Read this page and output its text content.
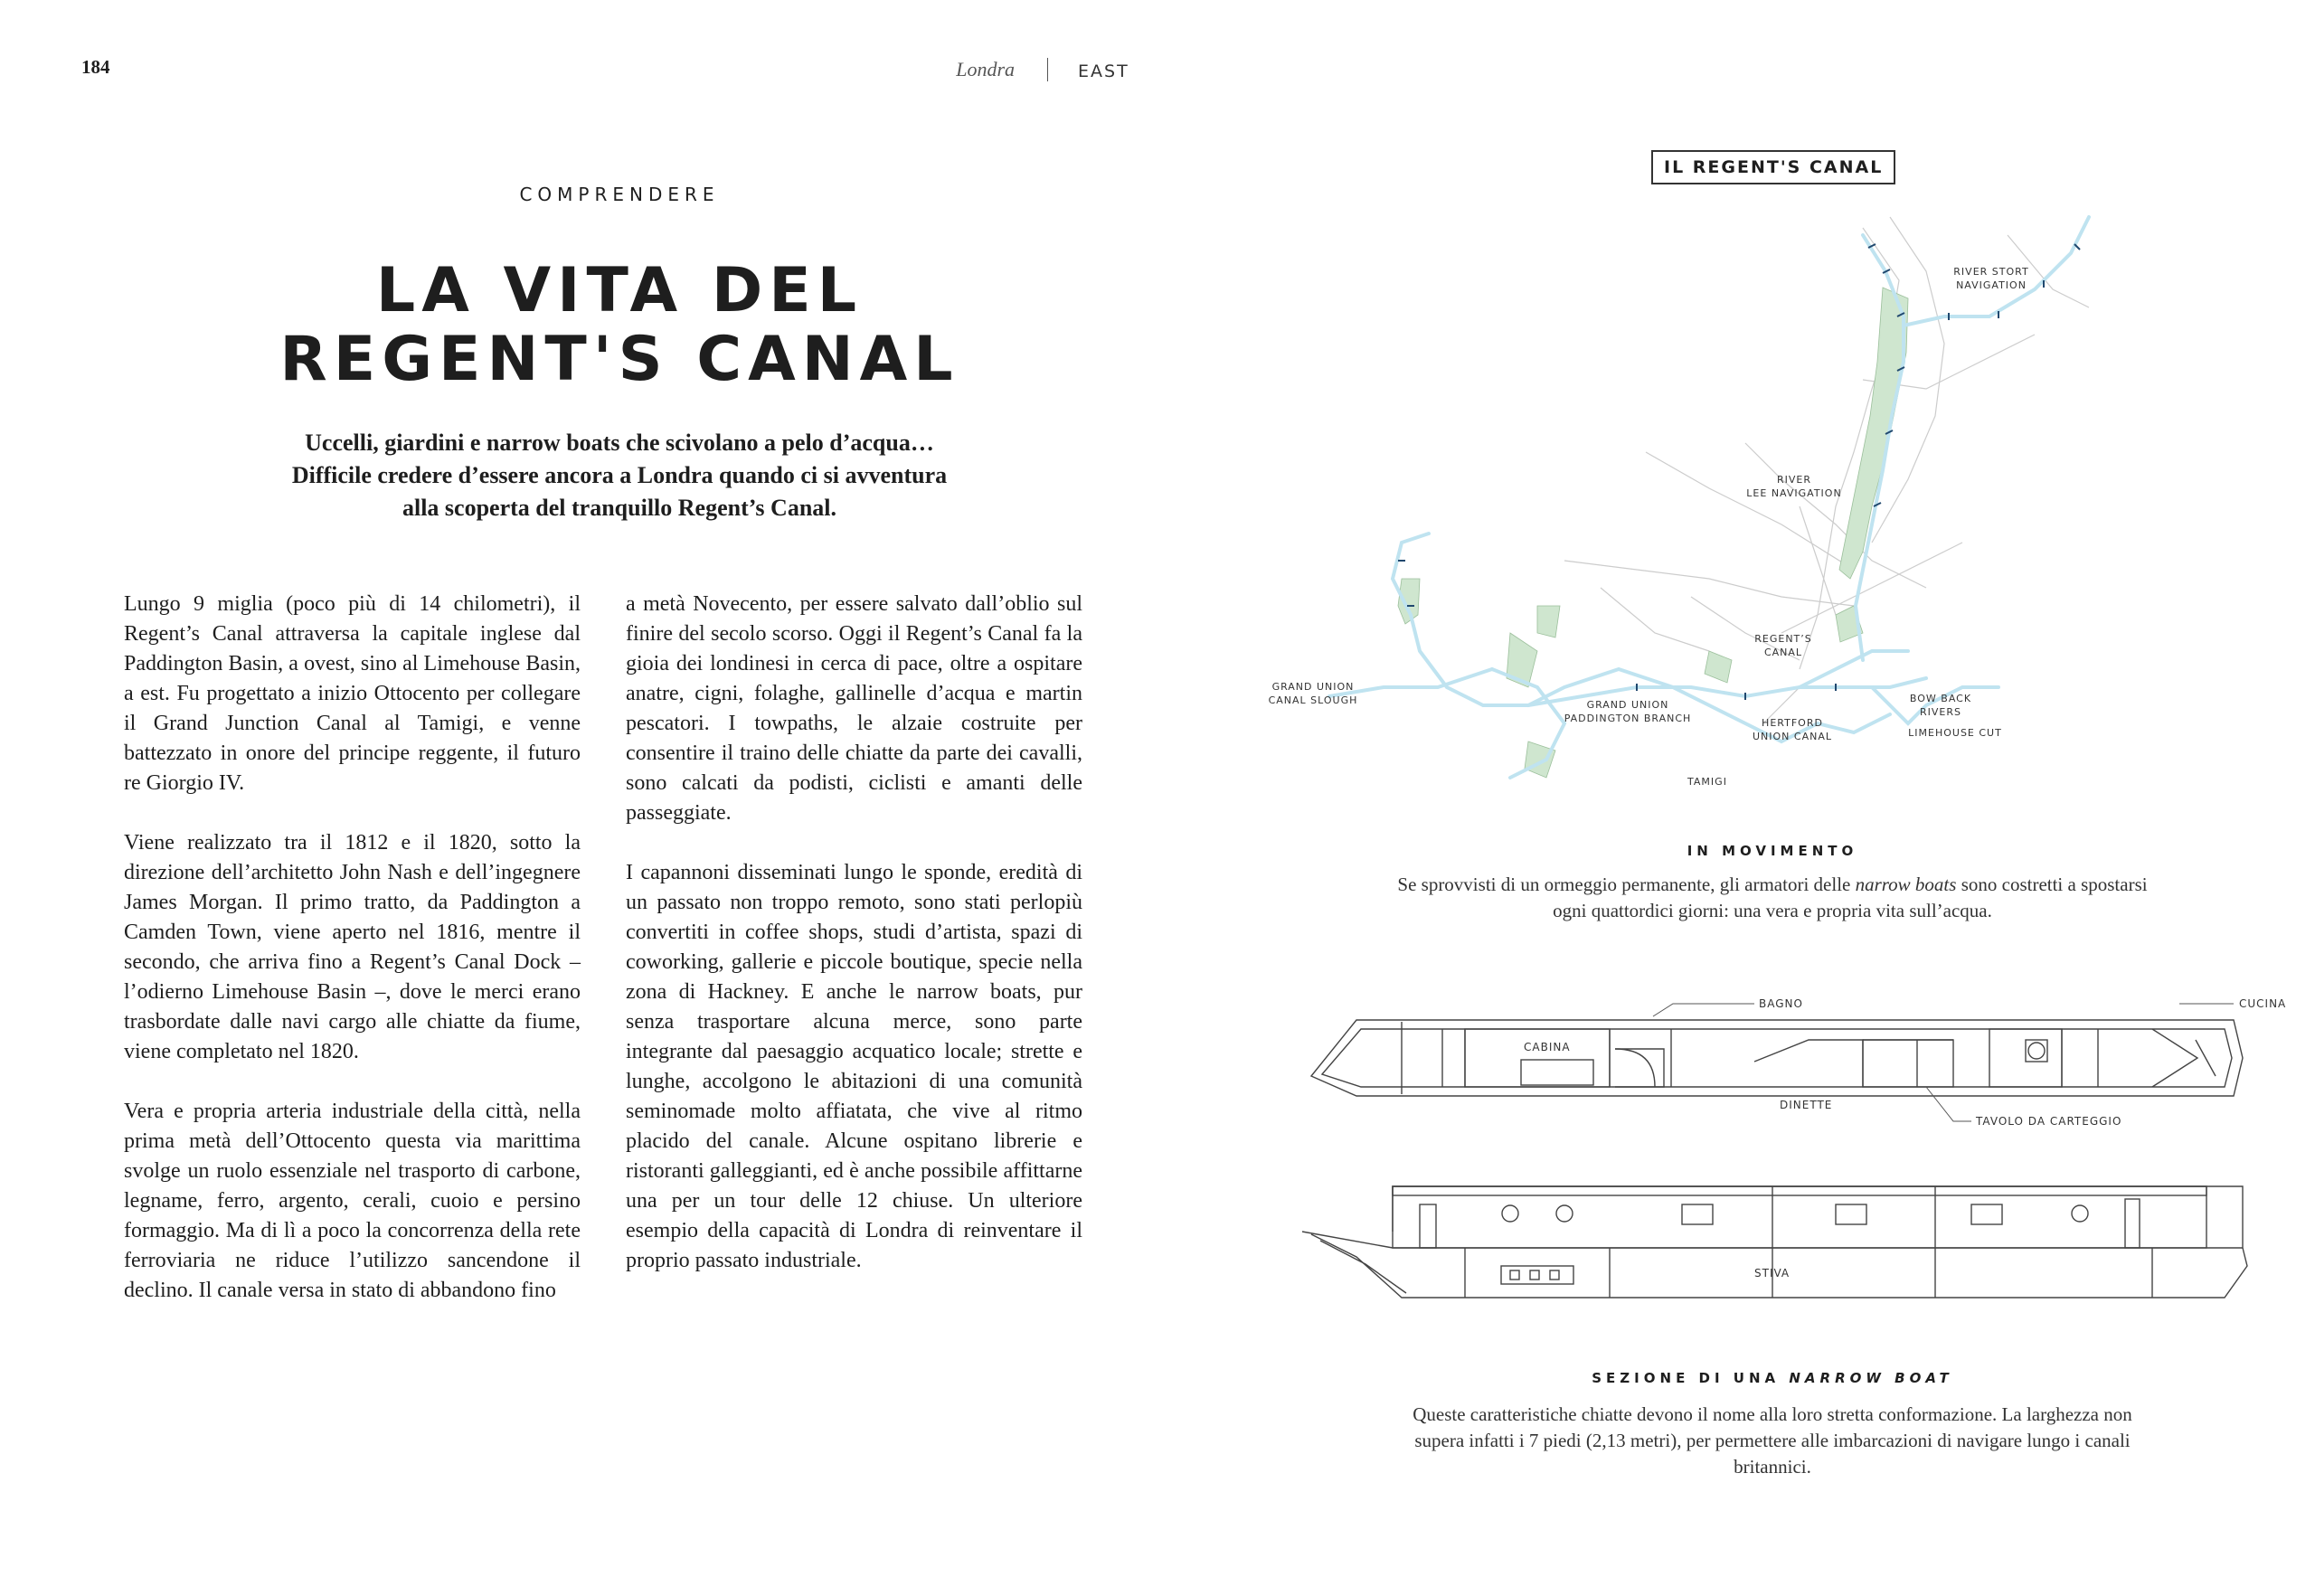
184	Londra	EAST
COMPRENDERE
LA VITA DEL
REGENT'S CANAL
Uccelli, giardini e narrow boats che scivolano a pelo d’acqua…
Difficile credere d’essere ancora a Londra quando ci si avventura
alla scoperta del tranquillo Regent’s Canal.

Lungo 9 miglia (poco più di 14 chilometri), il Regent’s Canal attraversa la capitale inglese dal Paddington Basin, a ovest, sino al Limehouse Basin, a est. Fu progettato a inizio Ottocento per collegare il Grand Junction Canal al Tamigi, e venne battezzato in onore del principe reggente, il futuro re Giorgio IV.

Viene realizzato tra il 1812 e il 1820, sotto la direzione dell’architetto John Nash e dell’ingegnere James Morgan. Il primo tratto, da Paddington a Camden Town, viene aperto nel 1816, mentre il secondo, che arriva fino a Regent’s Canal Dock – l’odierno Limehouse Basin –, dove le merci erano trasbordate dalle navi cargo alle chiatte da fiume, viene completato nel 1820.

Vera e propria arteria industriale della città, nella prima metà dell’Ottocento questa via marittima svolge un ruolo essenziale nel trasporto di carbone, legname, ferro, argento, cerali, cuoio e persino formaggio. Ma di lì a poco la concorrenza della rete ferroviaria ne riduce l’utilizzo sancendone il declino. Il canale versa in stato di abbandono fino

a metà Novecento, per essere salvato dall’oblio sul finire del secolo scorso. Oggi il Regent’s Canal fa la gioia dei londinesi in cerca di pace, oltre a ospitare anatre, cigni, folaghe, gallinelle d’acqua e martin pescatori. I towpaths, le alzaie costruite per consentire il traino delle chiatte da parte dei cavalli, sono calcati da podisti, ciclisti e amanti delle passeggiate.

I capannoni disseminati lungo le sponde, eredità di un passato non troppo remoto, sono stati perlopiù convertiti in coffee shops, studi d’artista, spazi di coworking, gallerie e piccole boutique, specie nella zona di Hackney. E anche le narrow boats, pur senza trasportare alcuna merce, sono parte integrante dal paesaggio acquatico locale; strette e lunghe, accolgono le abitazioni di una comunità seminomade molto affiatata, che vive al ritmo placido del canale. Alcune ospitano librerie e ristoranti galleggianti, ed è anche possibile affittarne una per un tour delle 12 chiuse. Un ulteriore esempio della capacità di Londra di reinventare il proprio passato industriale.

IL REGENT'S CANAL
RIVER STORT
NAVIGATION
RIVER
LEE NAVIGATION
REGENT’S
CANAL
GRAND UNION
CANAL SLOUGH	GRAND UNION
PADDINGTON BRANCH	HERTFORD
UNION CANAL
BOW BACK
RIVERS
LIMEHOUSE CUT
TAMIGI
IN MOVIMENTO
Se sprovvisti di un ormeggio permanente, gli armatori delle narrow boats sono costretti a spostarsi
ogni quattordici giorni: una vera e propria vita sull’acqua.
BAGNO	CUCINA
CABINA
DINETTE
TAVOLO DA CARTEGGIO
STIVA
SEZIONE DI UNA NARROW BOAT
Queste caratteristiche chiatte devono il nome alla loro stretta conformazione. La larghezza non
supera infatti i 7 piedi (2,13 metri), per permettere alle imbarcazioni di navigare lungo i canali
britannici.
